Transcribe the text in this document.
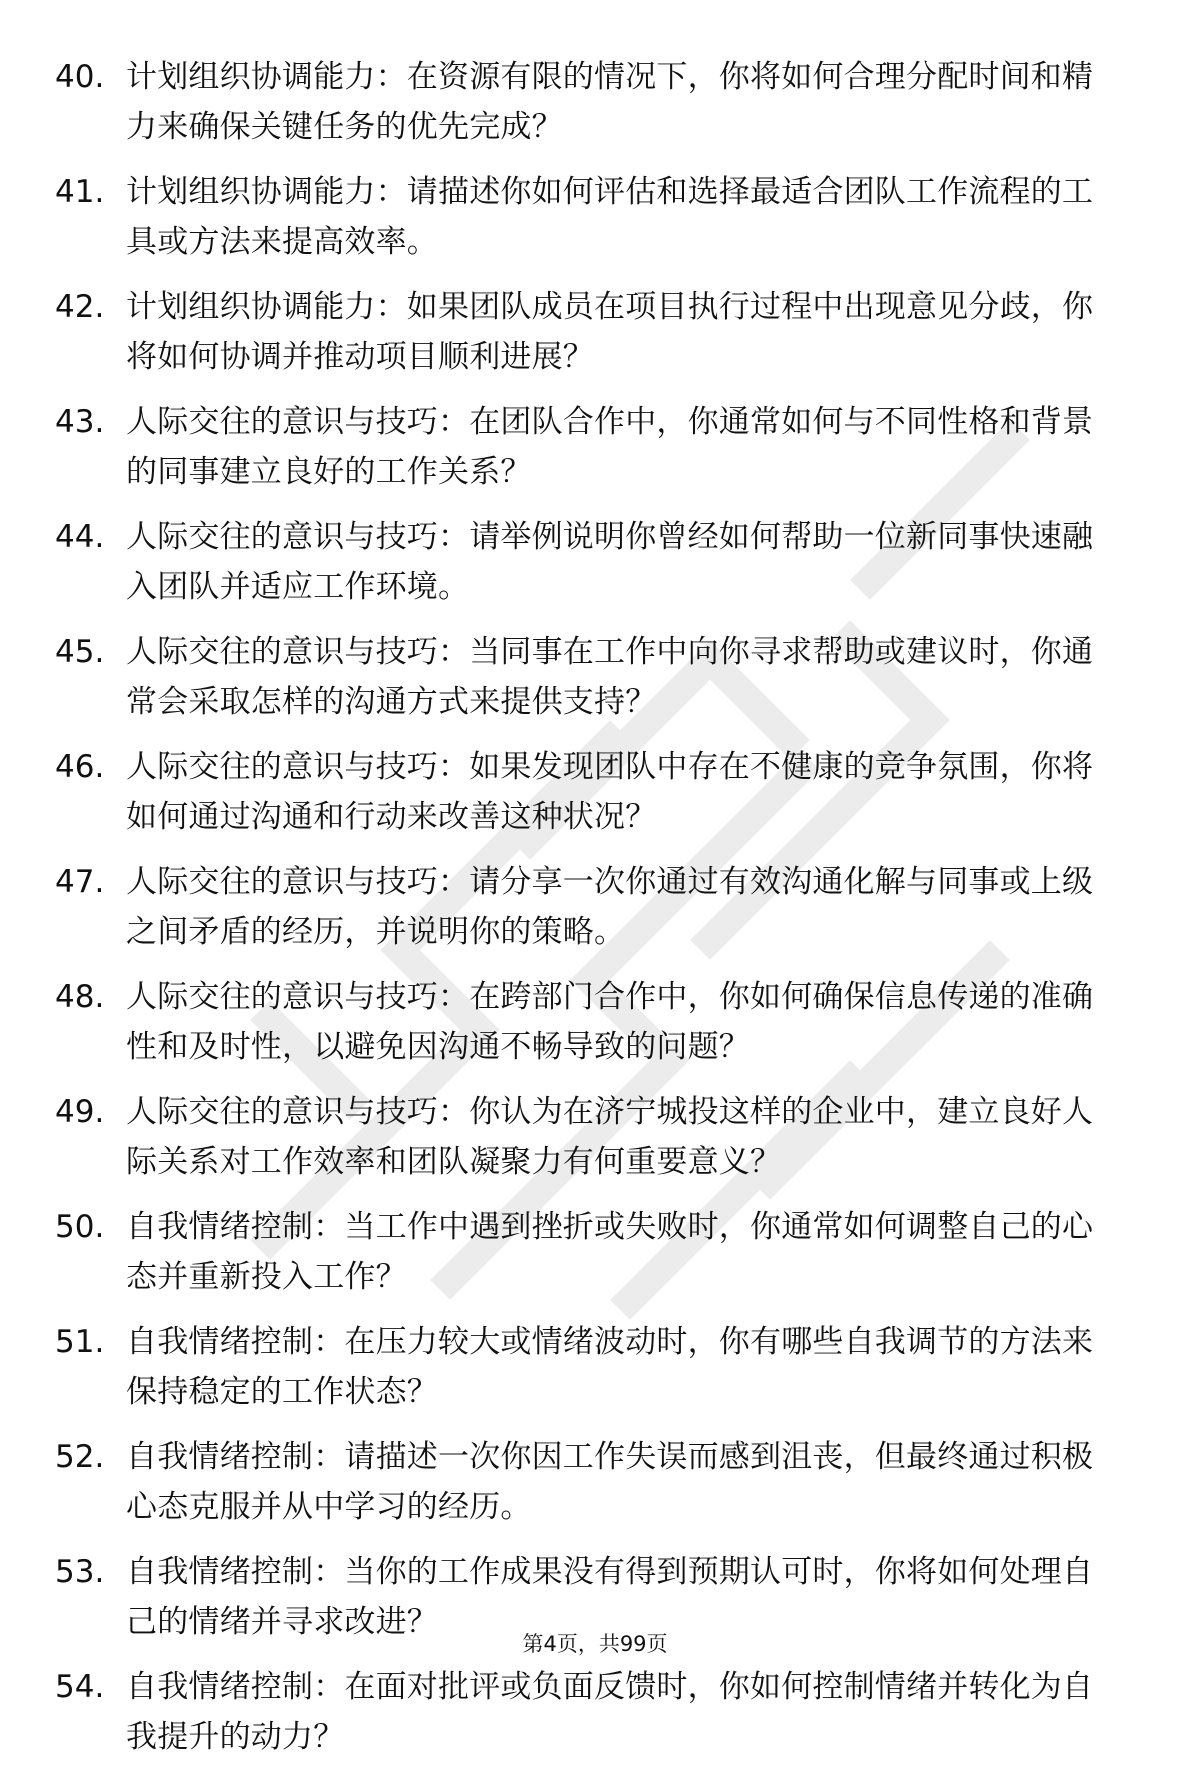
40. 计划组织协调能力：在资源有限的情况下，你将如何合理分配时间和精力来确保关键任务的优先完成？
41. 计划组织协调能力：请描述你如何评估和选择最适合团队工作流程的工具或方法来提高效率。
42. 计划组织协调能力：如果团队成员在项目执行过程中出现意见分歧，你将如何协调并推动项目顺利进展？
43. 人际交往的意识与技巧：在团队合作中，你通常如何与不同性格和背景的同事建立良好的工作关系？
44. 人际交往的意识与技巧：请举例说明你曾经如何帮助一位新同事快速融入团队并适应工作环境。
45. 人际交往的意识与技巧：当同事在工作中向你寻求帮助或建议时，你通常会采取怎样的沟通方式来提供支持？
46. 人际交往的意识与技巧：如果发现团队中存在不健康的竞争氛围，你将如何通过沟通和行动来改善这种状况？
47. 人际交往的意识与技巧：请分享一次你通过有效沟通化解与同事或上级之间矛盾的经历，并说明你的策略。
48. 人际交往的意识与技巧：在跨部门合作中，你如何确保信息传递的准确性和及时性，以避免因沟通不畅导致的问题？
49. 人际交往的意识与技巧：你认为在济宁城投这样的企业中，建立良好人际关系对工作效率和团队凝聚力有何重要意义？
50. 自我情绪控制：当工作中遇到挫折或失败时，你通常如何调整自己的心态并重新投入工作？
51. 自我情绪控制：在压力较大或情绪波动时，你有哪些自我调节的方法来保持稳定的工作状态？
52. 自我情绪控制：请描述一次你因工作失误而感到沮丧，但最终通过积极心态克服并从中学习的经历。
53. 自我情绪控制：当你的工作成果没有得到预期认可时，你将如何处理自己的情绪并寻求改进？
54. 自我情绪控制：在面对批评或负面反馈时，你如何控制情绪并转化为自我提升的动力？
第4页，共99页
